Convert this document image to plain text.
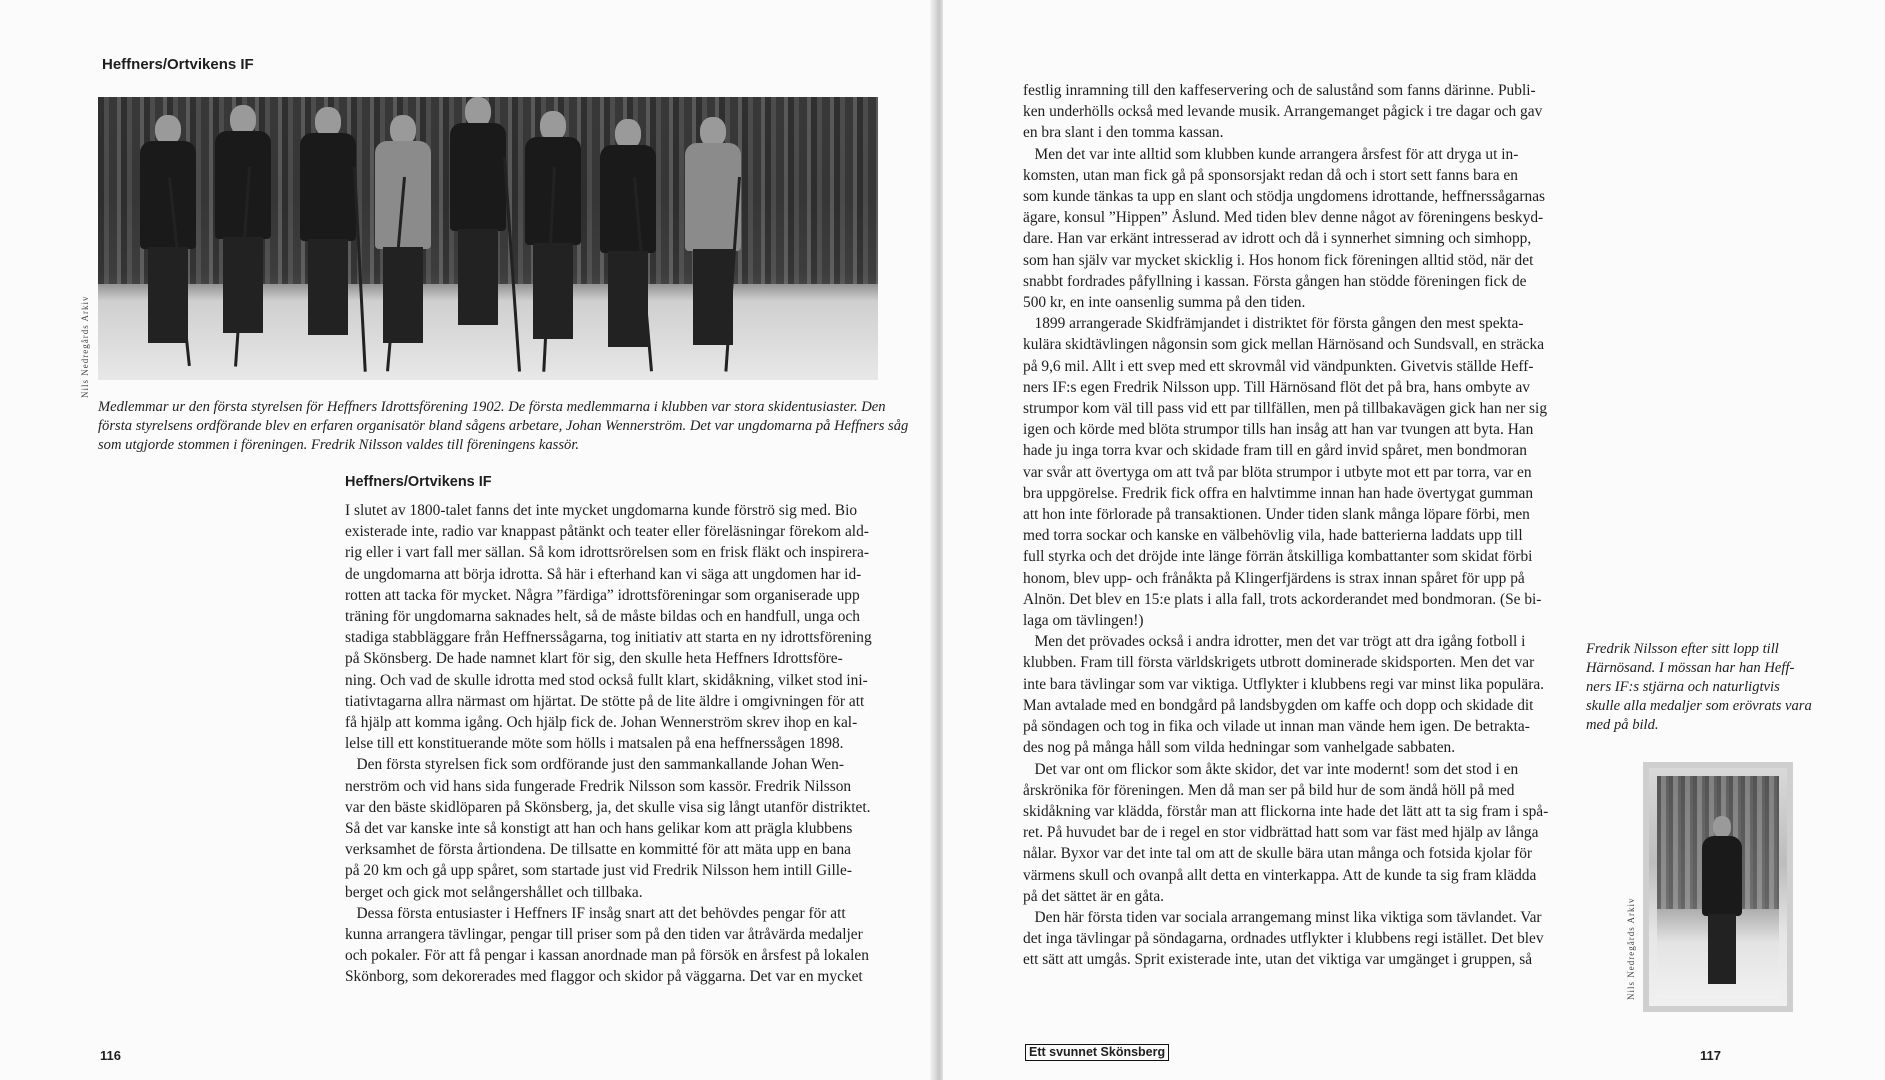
Heffners/Ortvikens IF
Nils Nedregårds Arkiv
Medlemmar ur den första styrelsen för Heffners Idrottsförening 1902. De första medlemmarna i klubben var stora skidentusiaster. Den
första styrelsens ordförande blev en erfaren organisatör bland sågens arbetare, Johan Wennerström. Det var ungdomarna på Heffners såg
som utgjorde stommen i föreningen. Fredrik Nilsson valdes till föreningens kassör.
Heffners/Ortvikens IF
I slutet av 1800-talet fanns det inte mycket ungdomarna kunde förströ sig med. Bio
existerade inte, radio var knappast påtänkt och teater eller föreläsningar förekom ald-
rig eller i vart fall mer sällan. Så kom idrottsrörelsen som en frisk fläkt och inspirera-
de ungdomarna att börja idrotta. Så här i efterhand kan vi säga att ungdomen har id-
rotten att tacka för mycket. Några ”färdiga” idrottsföreningar som organiserade upp
träning för ungdomarna saknades helt, så de måste bildas och en handfull, unga och
stadiga stabbläggare från Heffnerssågarna, tog initiativ att starta en ny idrottsförening
på Skönsberg. De hade namnet klart för sig, den skulle heta Heffners Idrottsföre-
ning. Och vad de skulle idrotta med stod också fullt klart, skidåkning, vilket stod ini-
tiativtagarna allra närmast om hjärtat. De stötte på de lite äldre i omgivningen för att
få hjälp att komma igång. Och hjälp fick de. Johan Wennerström skrev ihop en kal-
lelse till ett konstituerande möte som hölls i matsalen på ena heffnerssågen 1898.
Den första styrelsen fick som ordförande just den sammankallande Johan Wen-
nerström och vid hans sida fungerade Fredrik Nilsson som kassör. Fredrik Nilsson
var den bäste skidlöparen på Skönsberg, ja, det skulle visa sig långt utanför distriktet.
Så det var kanske inte så konstigt att han och hans gelikar kom att prägla klubbens
verksamhet de första årtiondena. De tillsatte en kommitté för att mäta upp en bana
på 20 km och gå upp spåret, som startade just vid Fredrik Nilsson hem intill Gille-
berget och gick mot selångershållet och tillbaka.
Dessa första entusiaster i Heffners IF insåg snart att det behövdes pengar för att
kunna arrangera tävlingar, pengar till priser som på den tiden var åtråvärda medaljer
och pokaler. För att få pengar i kassan anordnade man på försök en årsfest på lokalen
Skönborg, som dekorerades med flaggor och skidor på väggarna. Det var en mycket
116
festlig inramning till den kaffeservering och de salustånd som fanns därinne. Publi-
ken underhölls också med levande musik. Arrangemanget pågick i tre dagar och gav
en bra slant i den tomma kassan.
Men det var inte alltid som klubben kunde arrangera årsfest för att dryga ut in-
komsten, utan man fick gå på sponsorsjakt redan då och i stort sett fanns bara en
som kunde tänkas ta upp en slant och stödja ungdomens idrottande, heffnerssågarnas
ägare, konsul ”Hippen” Åslund. Med tiden blev denne något av föreningens beskyd-
dare. Han var erkänt intresserad av idrott och då i synnerhet simning och simhopp,
som han själv var mycket skicklig i. Hos honom fick föreningen alltid stöd, när det
snabbt fordrades påfyllning i kassan. Första gången han stödde föreningen fick de
500 kr, en inte oansenlig summa på den tiden.
1899 arrangerade Skidfrämjandet i distriktet för första gången den mest spekta-
kulära skidtävlingen någonsin som gick mellan Härnösand och Sundsvall, en sträcka
på 9,6 mil. Allt i ett svep med ett skrovmål vid vändpunkten. Givetvis ställde Heff-
ners IF:s egen Fredrik Nilsson upp. Till Härnösand flöt det på bra, hans ombyte av
strumpor kom väl till pass vid ett par tillfällen, men på tillbakavägen gick han ner sig
igen och körde med blöta strumpor tills han insåg att han var tvungen att byta. Han
hade ju inga torra kvar och skidade fram till en gård invid spåret, men bondmoran
var svår att övertyga om att två par blöta strumpor i utbyte mot ett par torra, var en
bra uppgörelse. Fredrik fick offra en halvtimme innan han hade övertygat gumman
att hon inte förlorade på transaktionen. Under tiden slank många löpare förbi, men
med torra sockar och kanske en välbehövlig vila, hade batterierna laddats upp till
full styrka och det dröjde inte länge förrän åtskilliga kombattanter som skidat förbi
honom, blev upp- och frånåkta på Klingerfjärdens is strax innan spåret för upp på
Alnön. Det blev en 15:e plats i alla fall, trots ackorderandet med bondmoran. (Se bi-
laga om tävlingen!)
Men det prövades också i andra idrotter, men det var trögt att dra igång fotboll i
klubben. Fram till första världskrigets utbrott dominerade skidsporten. Men det var
inte bara tävlingar som var viktiga. Utflykter i klubbens regi var minst lika populära.
Man avtalade med en bondgård på landsbygden om kaffe och dopp och skidade dit
på söndagen och tog in fika och vilade ut innan man vände hem igen. De betrakta-
des nog på många håll som vilda hedningar som vanhelgade sabbaten.
Det var ont om flickor som åkte skidor, det var inte modernt! som det stod i en
årskrönika för föreningen. Men då man ser på bild hur de som ändå höll på med
skidåkning var klädda, förstår man att flickorna inte hade det lätt att ta sig fram i spå-
ret. På huvudet bar de i regel en stor vidbrättad hatt som var fäst med hjälp av långa
nålar. Byxor var det inte tal om att de skulle bära utan många och fotsida kjolar för
värmens skull och ovanpå allt detta en vinterkappa. Att de kunde ta sig fram klädda
på det sättet är en gåta.
Den här första tiden var sociala arrangemang minst lika viktiga som tävlandet. Var
det inga tävlingar på söndagarna, ordnades utflykter i klubbens regi istället. Det blev
ett sätt att umgås. Sprit existerade inte, utan det viktiga var umgänget i gruppen, så
Fredrik Nilsson efter sitt lopp till
Härnösand. I mössan har han Heff-
ners IF:s stjärna och naturligtvis
skulle alla medaljer som erövrats vara
med på bild.
Nils Nedregårds Arkiv
Ett svunnet Skönsberg	117
